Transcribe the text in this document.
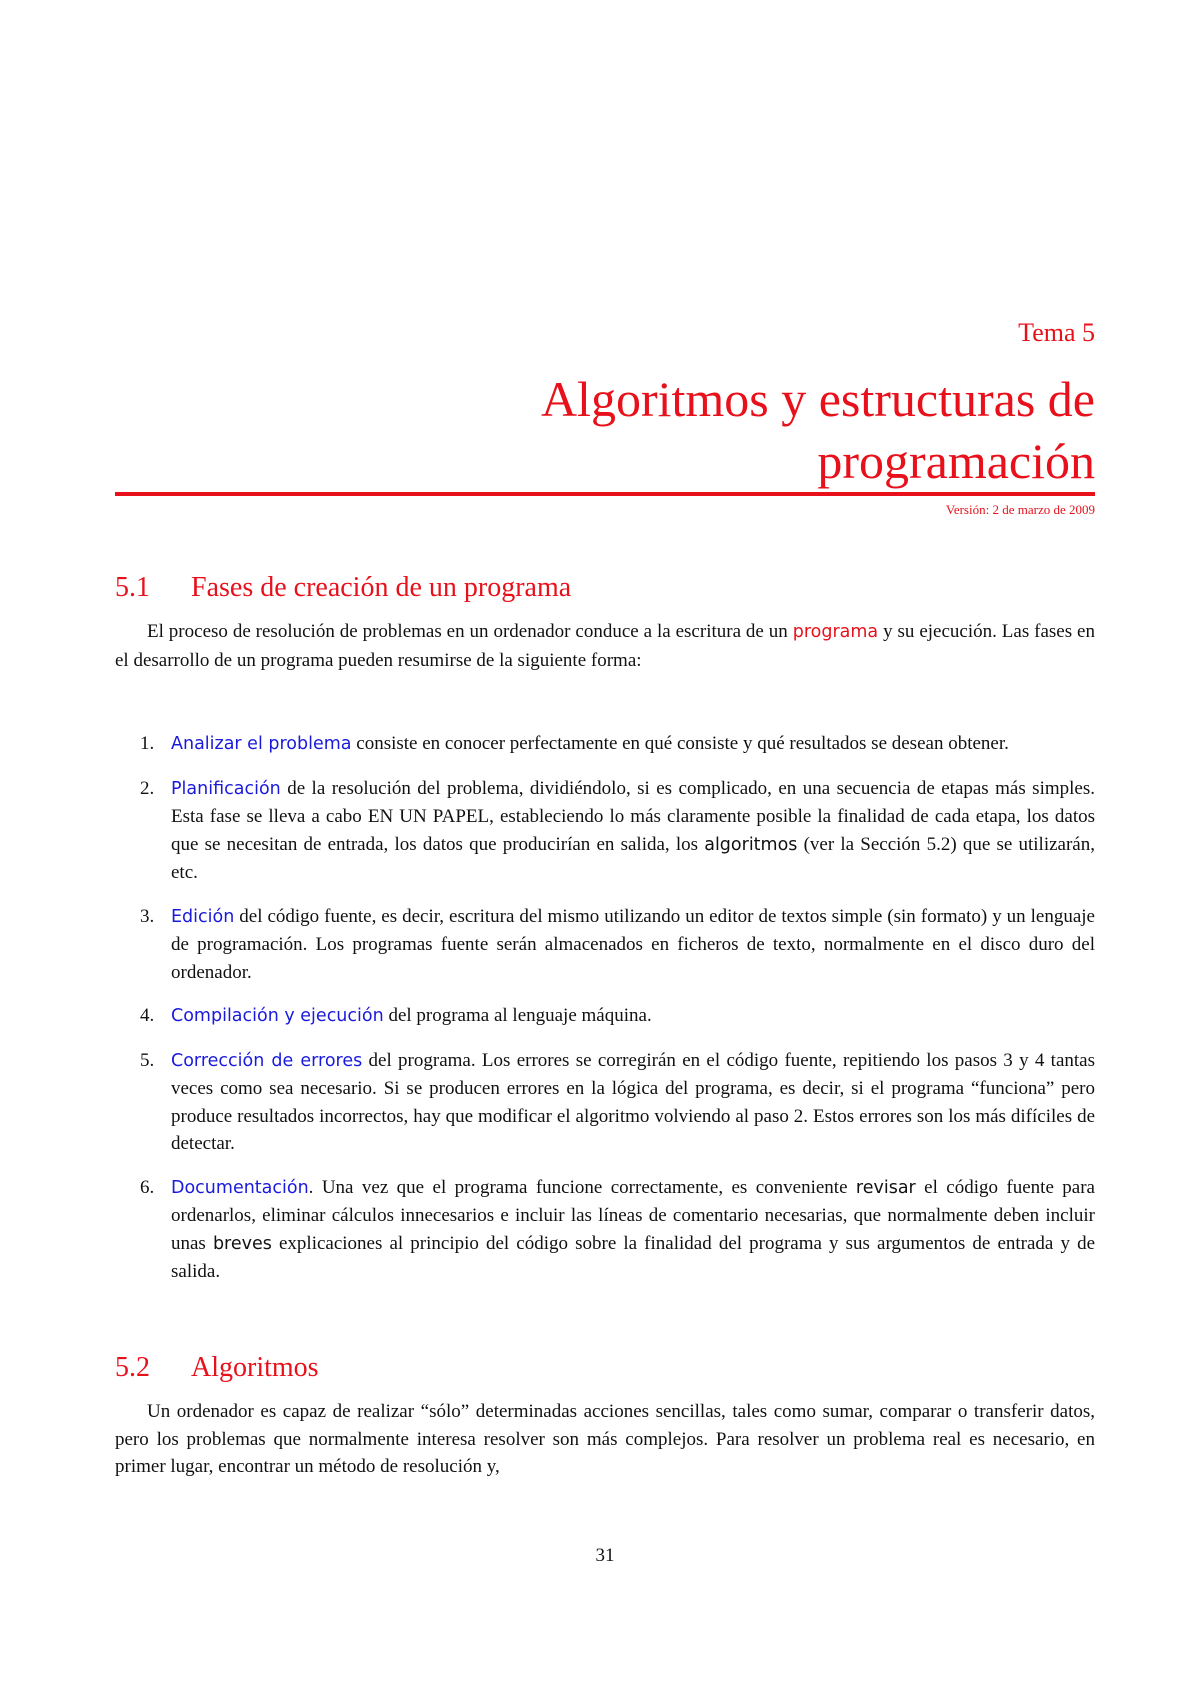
Tema 5
Algoritmos y estructuras de
programación
Versión: 2 de marzo de 2009
5.1 Fases de creación de un programa
El proceso de resolución de problemas en un ordenador conduce a la escritura de un programa y su ejecución. Las fases en el desarrollo de un programa pueden resumirse de la siguiente forma:
1. Analizar el problema consiste en conocer perfectamente en qué consiste y qué resultados se desean obtener.
2. Planificación de la resolución del problema, dividiéndolo, si es complicado, en una secuencia de etapas más simples. Esta fase se lleva a cabo EN UN PAPEL, estableciendo lo más claramente posible la finalidad de cada etapa, los datos que se necesitan de entrada, los datos que producirían en salida, los algoritmos (ver la Sección 5.2) que se utilizarán, etc.
3. Edición del código fuente, es decir, escritura del mismo utilizando un editor de textos simple (sin formato) y un lenguaje de programación. Los programas fuente serán almacenados en ficheros de texto, normalmente en el disco duro del ordenador.
4. Compilación y ejecución del programa al lenguaje máquina.
5. Corrección de errores del programa. Los errores se corregirán en el código fuente, repitiendo los pasos 3 y 4 tantas veces como sea necesario. Si se producen errores en la lógica del programa, es decir, si el programa “funciona” pero produce resultados incorrectos, hay que modificar el algoritmo volviendo al paso 2. Estos errores son los más difíciles de detectar.
6. Documentación. Una vez que el programa funcione correctamente, es conveniente revisar el código fuente para ordenarlos, eliminar cálculos innecesarios e incluir las líneas de comentario necesarias, que normalmente deben incluir unas breves explicaciones al principio del código sobre la finalidad del programa y sus argumentos de entrada y de salida.
5.2 Algoritmos
Un ordenador es capaz de realizar “sólo” determinadas acciones sencillas, tales como sumar, comparar o transferir datos, pero los problemas que normalmente interesa resolver son más complejos. Para resolver un problema real es necesario, en primer lugar, encontrar un método de resolución y,
31
